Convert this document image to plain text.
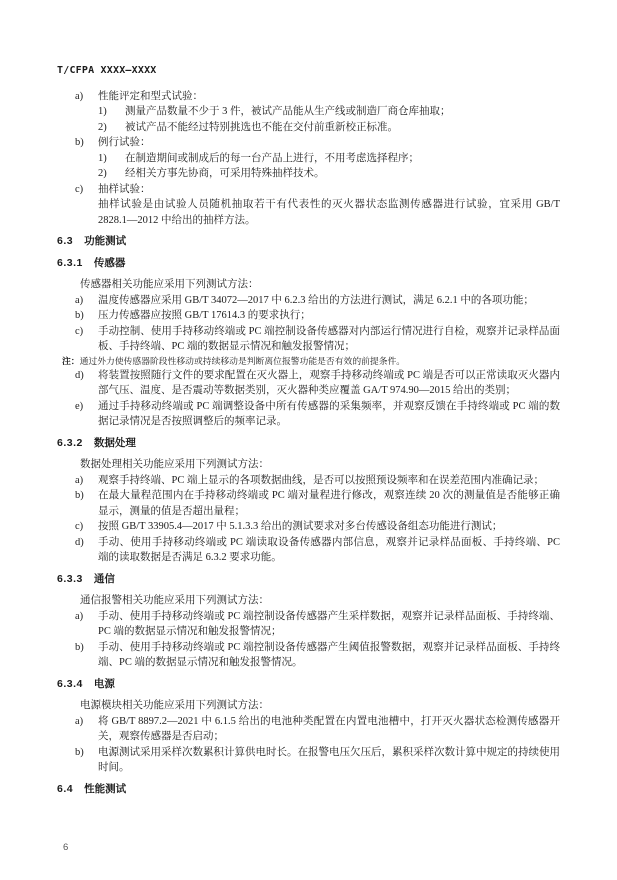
T/CFPA XXXX—XXXX
a)	性能评定和型式试验：
1)	测量产品数量不少于 3 件，被试产品能从生产线或制造厂商仓库抽取；
2)	被试产品不能经过特别挑选也不能在交付前重新校正标准。
b)	例行试验：
1)	在制造期间或制成后的每一台产品上进行，不用考虑选择程序；
2)	经相关方事先协商，可采用特殊抽样技术。
c)	抽样试验：
抽样试验是由试验人员随机抽取若干有代表性的灭火器状态监测传感器进行试验，宜采用 GB/T 2828.1—2012 中给出的抽样方法。
6.3 功能测试
6.3.1 传感器
传感器相关功能应采用下列测试方法：
a)	温度传感器应采用 GB/T 34072—2017 中 6.2.3 给出的方法进行测试，满足 6.2.1 中的各项功能；
b)	压力传感器应按照 GB/T 17614.3 的要求执行；
c)	手动控制、使用手持移动终端或 PC 端控制设备传感器对内部运行情况进行自检，观察并记录样品面板、手持终端、PC 端的数据显示情况和触发报警情况；
注： 通过外力使传感器阶段性移动或持续移动是判断离位报警功能是否有效的前提条件。
d)	将装置按照随行文件的要求配置在灭火器上，观察手持移动终端或 PC 端是否可以正常读取灭火器内部气压、温度、是否震动等数据类别，灭火器种类应覆盖 GA/T 974.90—2015 给出的类别；
e)	通过手持移动终端或 PC 端调整设备中所有传感器的采集频率，并观察反馈在手持终端或 PC 端的数据记录情况是否按照调整后的频率记录。
6.3.2 数据处理
数据处理相关功能应采用下列测试方法：
a)	观察手持终端、PC 端上显示的各项数据曲线，是否可以按照预设频率和在误差范围内准确记录；
b)	在最大量程范围内在手持移动终端或 PC 端对量程进行修改，观察连续 20 次的测量值是否能够正确显示，测量的值是否超出量程；
c)	按照 GB/T 33905.4—2017 中 5.1.3.3 给出的测试要求对多台传感设备组态功能进行测试；
d)	手动、使用手持移动终端或 PC 端读取设备传感器内部信息，观察并记录样品面板、手持终端、PC 端的读取数据是否满足 6.3.2 要求功能。
6.3.3 通信
通信报警相关功能应采用下列测试方法：
a)	手动、使用手持移动终端或 PC 端控制设备传感器产生采样数据，观察并记录样品面板、手持终端、PC 端的数据显示情况和触发报警情况；
b)	手动、使用手持移动终端或 PC 端控制设备传感器产生阈值报警数据，观察并记录样品面板、手持终端、PC 端的数据显示情况和触发报警情况。
6.3.4 电源
电源模块相关功能应采用下列测试方法：
a)	将 GB/T 8897.2—2021 中 6.1.5 给出的电池种类配置在内置电池槽中，打开灭火器状态检测传感器开关，观察传感器是否启动；
b)	电源测试采用采样次数累积计算供电时长。在报警电压欠压后，累积采样次数计算中规定的持续使用时间。
6.4 性能测试
6
